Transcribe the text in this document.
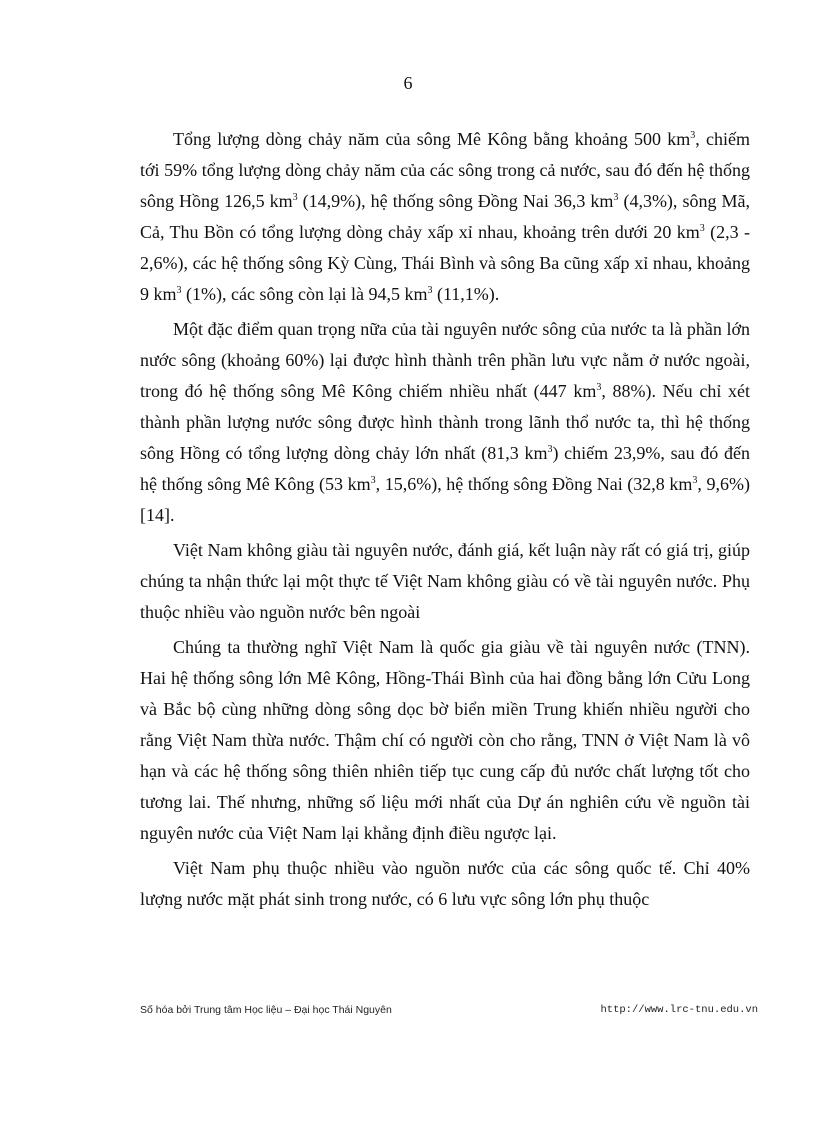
6

Tổng lượng dòng chảy năm của sông Mê Kông bằng khoảng 500 $km^3$, chiếm tới 59% tổng lượng dòng chảy năm của các sông trong cả nước, sau đó đến hệ thống sông Hồng 126,5 $km^3$ (14,9%), hệ thống sông Đồng Nai 36,3 $km^3$ (4,3%), sông Mã, Cả, Thu Bồn có tổng lượng dòng chảy xấp xỉ nhau, khoảng trên dưới 20 $km^3$ (2,3 - 2,6%), các hệ thống sông Kỳ Cùng, Thái Bình và sông Ba cũng xấp xỉ nhau, khoảng 9 $km^3$ (1%), các sông còn lại là 94,5 $km^3$ (11,1%).

Một đặc điểm quan trọng nữa của tài nguyên nước sông của nước ta là phần lớn nước sông (khoảng 60%) lại được hình thành trên phần lưu vực nằm ở nước ngoài, trong đó hệ thống sông Mê Kông chiếm nhiều nhất (447 $km^3$, 88%). Nếu chỉ xét thành phần lượng nước sông được hình thành trong lãnh thổ nước ta, thì hệ thống sông Hồng có tổng lượng dòng chảy lớn nhất (81,3 $km^3$) chiếm 23,9%, sau đó đến hệ thống sông Mê Kông (53 $km^3$, 15,6%), hệ thống sông Đồng Nai (32,8 $km^3$, 9,6%) [14].

Việt Nam không giàu tài nguyên nước, đánh giá, kết luận này rất có giá trị, giúp chúng ta nhận thức lại một thực tế Việt Nam không giàu có về tài nguyên nước. Phụ thuộc nhiều vào nguồn nước bên ngoài

Chúng ta thường nghĩ Việt Nam là quốc gia giàu về tài nguyên nước (TNN). Hai hệ thống sông lớn Mê Kông, Hồng-Thái Bình của hai đồng bằng lớn Cửu Long và Bắc bộ cùng những dòng sông dọc bờ biển miền Trung khiến nhiều người cho rằng Việt Nam thừa nước. Thậm chí có người còn cho rằng, TNN ở Việt Nam là vô hạn và các hệ thống sông thiên nhiên tiếp tục cung cấp đủ nước chất lượng tốt cho tương lai. Thế nhưng, những số liệu mới nhất của Dự án nghiên cứu về nguồn tài nguyên nước của Việt Nam lại khẳng định điều ngược lại.

Việt Nam phụ thuộc nhiều vào nguồn nước của các sông quốc tế. Chỉ 40% lượng nước mặt phát sinh trong nước, có 6 lưu vực sông lớn phụ thuộc

Số hóa bởi Trung tâm Học liệu – Đại học Thái Nguyên	http://www.lrc-tnu.edu.vn
